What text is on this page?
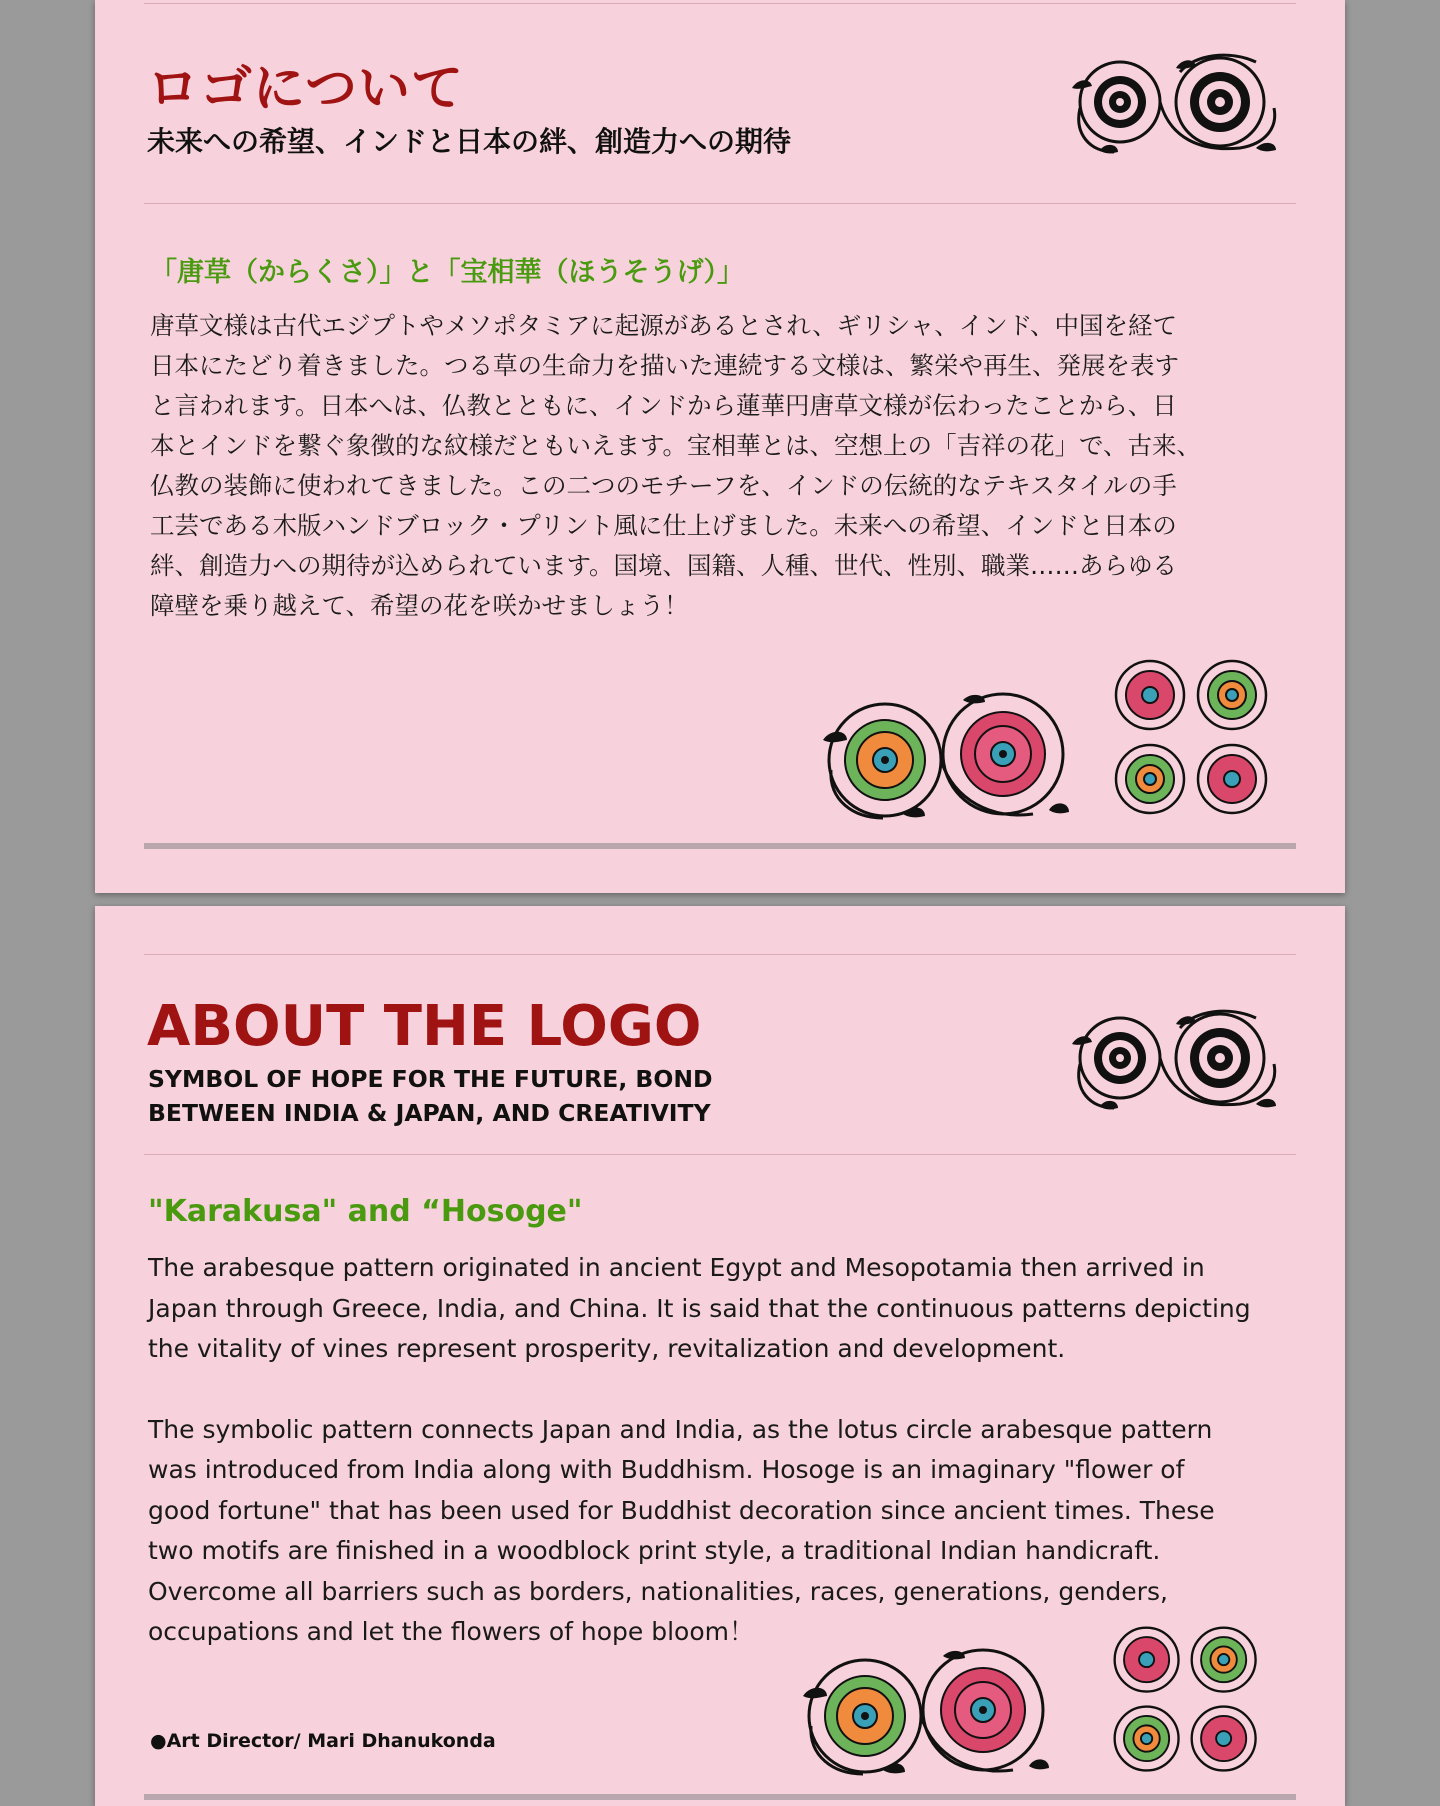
ロゴについて
未来への希望、インドと日本の絆、創造力への期待
「唐草（からくさ）」と「宝相華（ほうそうげ）」
唐草文様は古代エジプトやメソポタミアに起源があるとされ、ギリシャ、インド、中国を経て
日本にたどり着きました。つる草の生命力を描いた連続する文様は、繁栄や再生、発展を表す
と言われます。日本へは、仏教とともに、インドから蓮華円唐草文様が伝わったことから、日
本とインドを繋ぐ象徴的な紋様だともいえます。宝相華とは、空想上の「吉祥の花」で、古来、
仏教の装飾に使われてきました。この二つのモチーフを、インドの伝統的なテキスタイルの手
工芸である木版ハンドブロック・プリント風に仕上げました。未来への希望、インドと日本の
絆、創造力への期待が込められています。国境、国籍、人種、世代、性別、職業……あらゆる
障壁を乗り越えて、希望の花を咲かせましょう！
ABOUT THE LOGO
SYMBOL OF HOPE FOR THE FUTURE, BOND
BETWEEN INDIA & JAPAN, AND CREATIVITY
"Karakusa" and “Hosoge"

The arabesque pattern originated in ancient Egypt and Mesopotamia then arrived in
Japan through Greece, India, and China. It is said that the continuous patterns depicting
the vitality of vines represent prosperity, revitalization and development.

The symbolic pattern connects Japan and India, as the lotus circle arabesque pattern
was introduced from India along with Buddhism. Hosoge is an imaginary "flower of
good fortune" that has been used for Buddhist decoration since ancient times. These
two motifs are finished in a woodblock print style, a traditional Indian handicraft.
Overcome all barriers such as borders, nationalities, races, generations, genders,
occupations and let the flowers of hope bloom！

●Art Director/ Mari Dhanukonda
